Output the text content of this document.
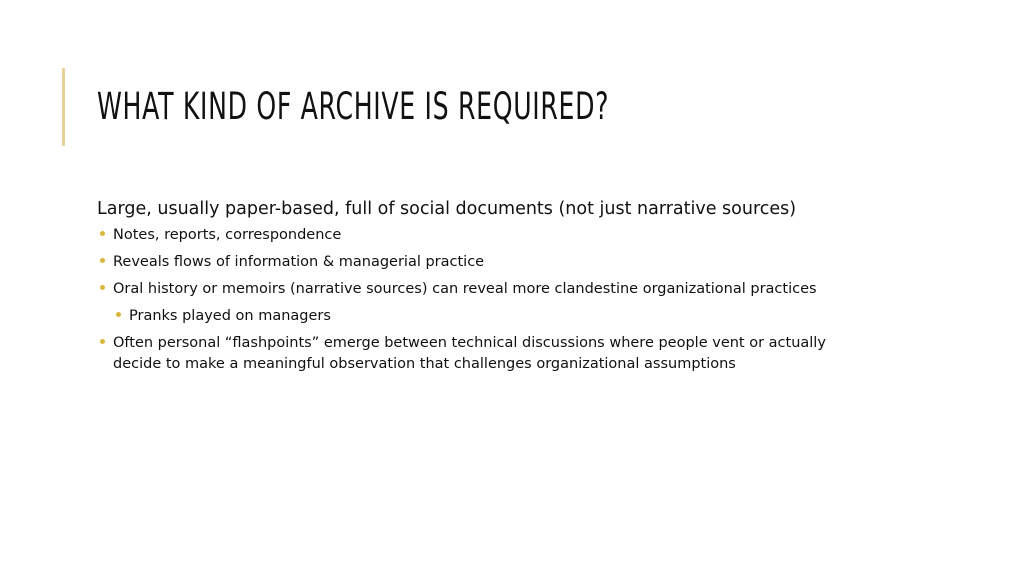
WHAT KIND OF ARCHIVE IS REQUIRED?

Large, usually paper-based, full of social documents (not just narrative sources)

Notes, reports, correspondence
Reveals flows of information & managerial practice
Oral history or memoirs (narrative sources) can reveal more clandestine organizational practices
Pranks played on managers
Often personal “flashpoints” emerge between technical discussions where people vent or actually decide to make a meaningful observation that challenges organizational assumptions
